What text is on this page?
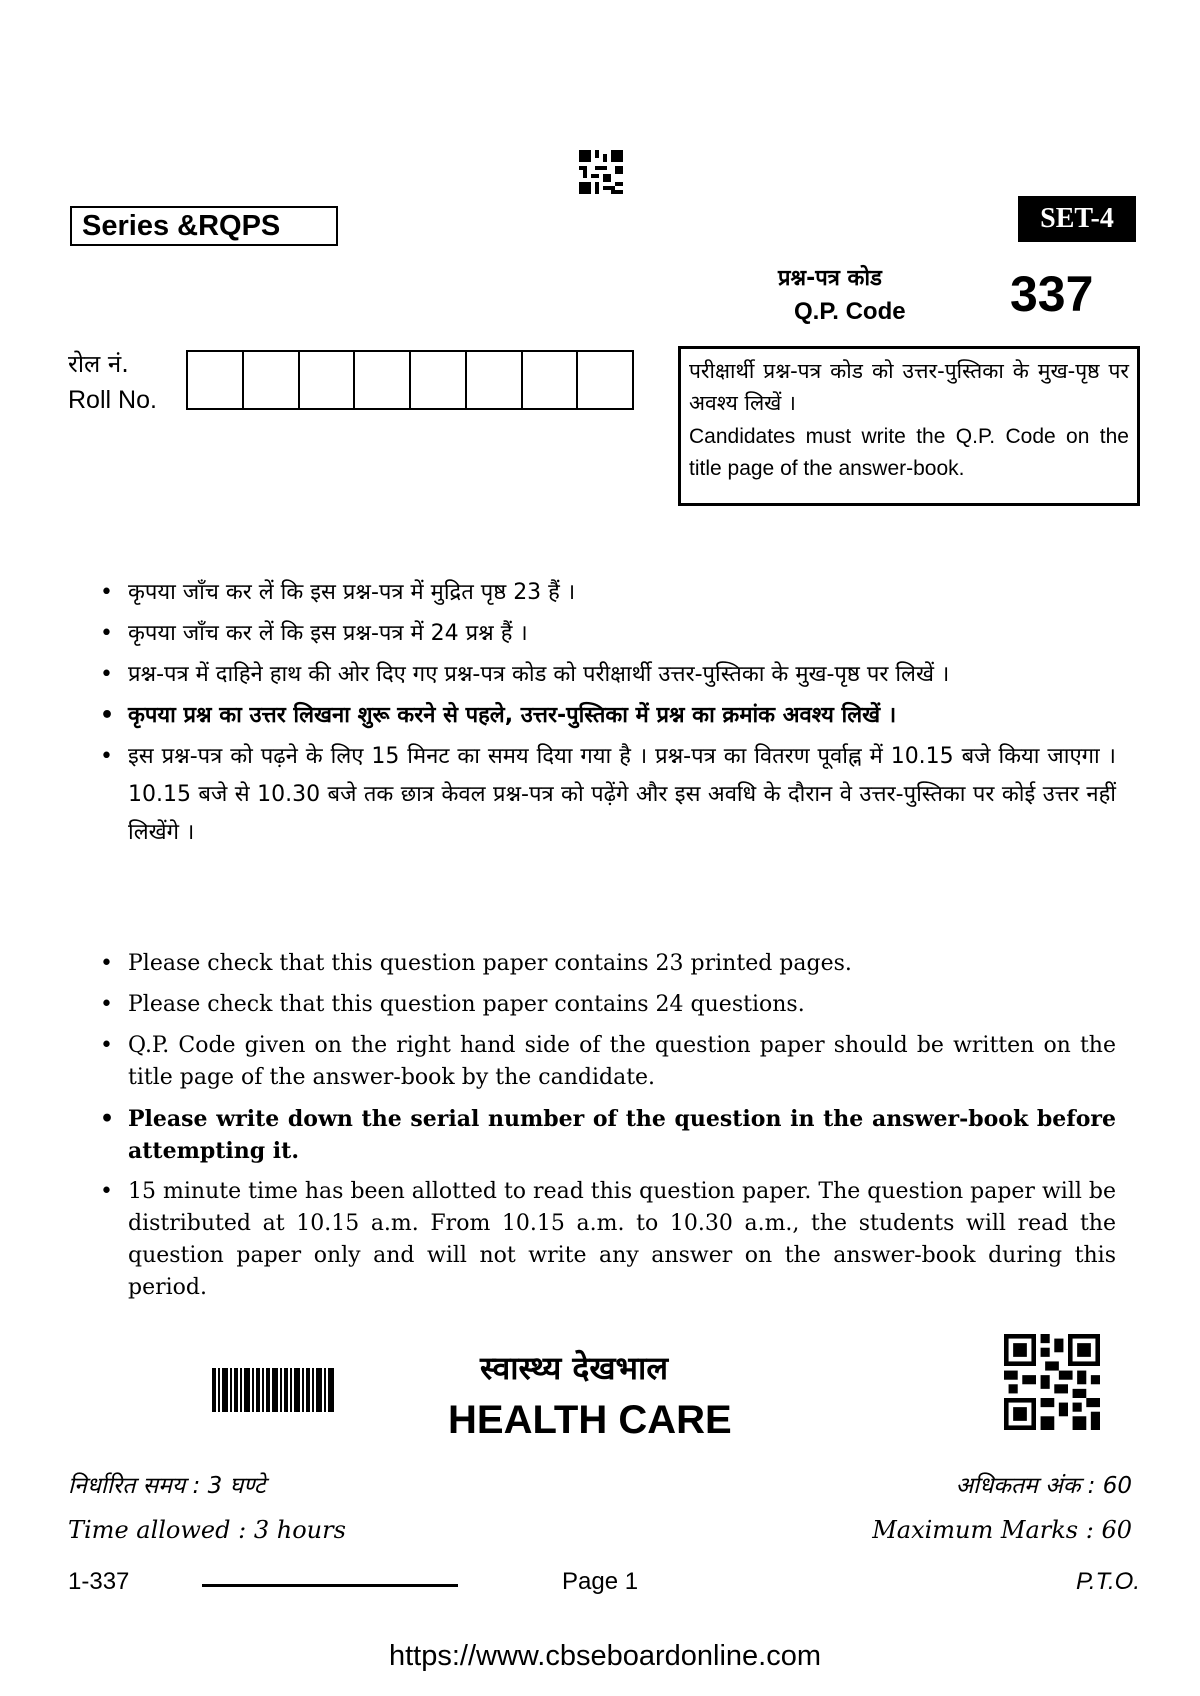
Series &RQPS	SET-4
प्रश्न-पत्र कोड
Q.P. Code 337
रोल नं.
Roll No.
परीक्षार्थी प्रश्न-पत्र कोड को उत्तर-पुस्तिका के मुख-पृष्ठ पर अवश्य लिखें ।
Candidates must write the Q.P. Code on the title page of the answer-book.
• कृपया जाँच कर लें कि इस प्रश्न-पत्र में मुद्रित पृष्ठ 23 हैं ।
• कृपया जाँच कर लें कि इस प्रश्न-पत्र में 24 प्रश्न हैं ।
• प्रश्न-पत्र में दाहिने हाथ की ओर दिए गए प्रश्न-पत्र कोड को परीक्षार्थी उत्तर-पुस्तिका के मुख-पृष्ठ पर लिखें ।
• कृपया प्रश्न का उत्तर लिखना शुरू करने से पहले, उत्तर-पुस्तिका में प्रश्न का क्रमांक अवश्य लिखें ।
• इस प्रश्न-पत्र को पढ़ने के लिए 15 मिनट का समय दिया गया है । प्रश्न-पत्र का वितरण पूर्वाह्न में 10.15 बजे किया जाएगा । 10.15 बजे से 10.30 बजे तक छात्र केवल प्रश्न-पत्र को पढ़ेंगे और इस अवधि के दौरान वे उत्तर-पुस्तिका पर कोई उत्तर नहीं लिखेंगे ।
• Please check that this question paper contains 23 printed pages.
• Please check that this question paper contains 24 questions.
• Q.P. Code given on the right hand side of the question paper should be written on the title page of the answer-book by the candidate.
• Please write down the serial number of the question in the answer-book before attempting it.
• 15 minute time has been allotted to read this question paper. The question paper will be distributed at 10.15 a.m. From 10.15 a.m. to 10.30 a.m., the students will read the question paper only and will not write any answer on the answer-book during this period.
स्वास्थ्य देखभाल
HEALTH CARE
निर्धारित समय : 3 घण्टे
Time allowed : 3 hours
अधिकतम अंक : 60
Maximum Marks : 60
1-337	Page 1	P.T.O.
https://www.cbseboardonline.com
